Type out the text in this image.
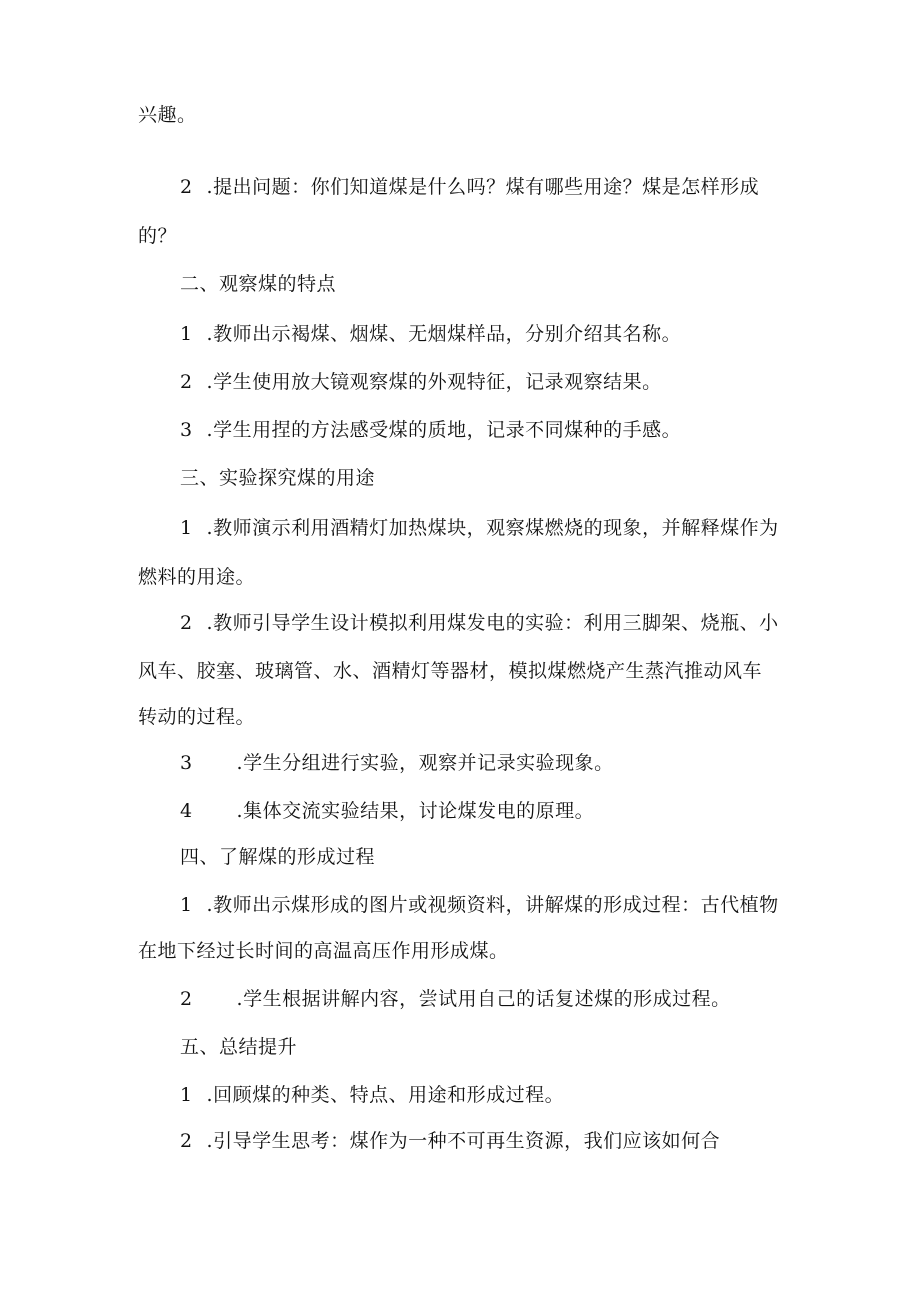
兴趣。
2 .提出问题：你们知道煤是什么吗？煤有哪些用途？煤是怎样形成
的？
二、观察煤的特点
1 .教师出示褐煤、烟煤、无烟煤样品，分别介绍其名称。
2 .学生使用放大镜观察煤的外观特征，记录观察结果。
3 .学生用捏的方法感受煤的质地，记录不同煤种的手感。
三、实验探究煤的用途
1 .教师演示利用酒精灯加热煤块，观察煤燃烧的现象，并解释煤作为
燃料的用途。
2 .教师引导学生设计模拟利用煤发电的实验：利用三脚架、烧瓶、小
风车、胶塞、玻璃管、水、酒精灯等器材，模拟煤燃烧产生蒸汽推动风车
转动的过程。
3 .学生分组进行实验，观察并记录实验现象。
4 .集体交流实验结果，讨论煤发电的原理。
四、了解煤的形成过程
1 .教师出示煤形成的图片或视频资料，讲解煤的形成过程：古代植物
在地下经过长时间的高温高压作用形成煤。
2 .学生根据讲解内容，尝试用自己的话复述煤的形成过程。
五、总结提升
1 .回顾煤的种类、特点、用途和形成过程。
2 .引导学生思考：煤作为一种不可再生资源，我们应该如何合
